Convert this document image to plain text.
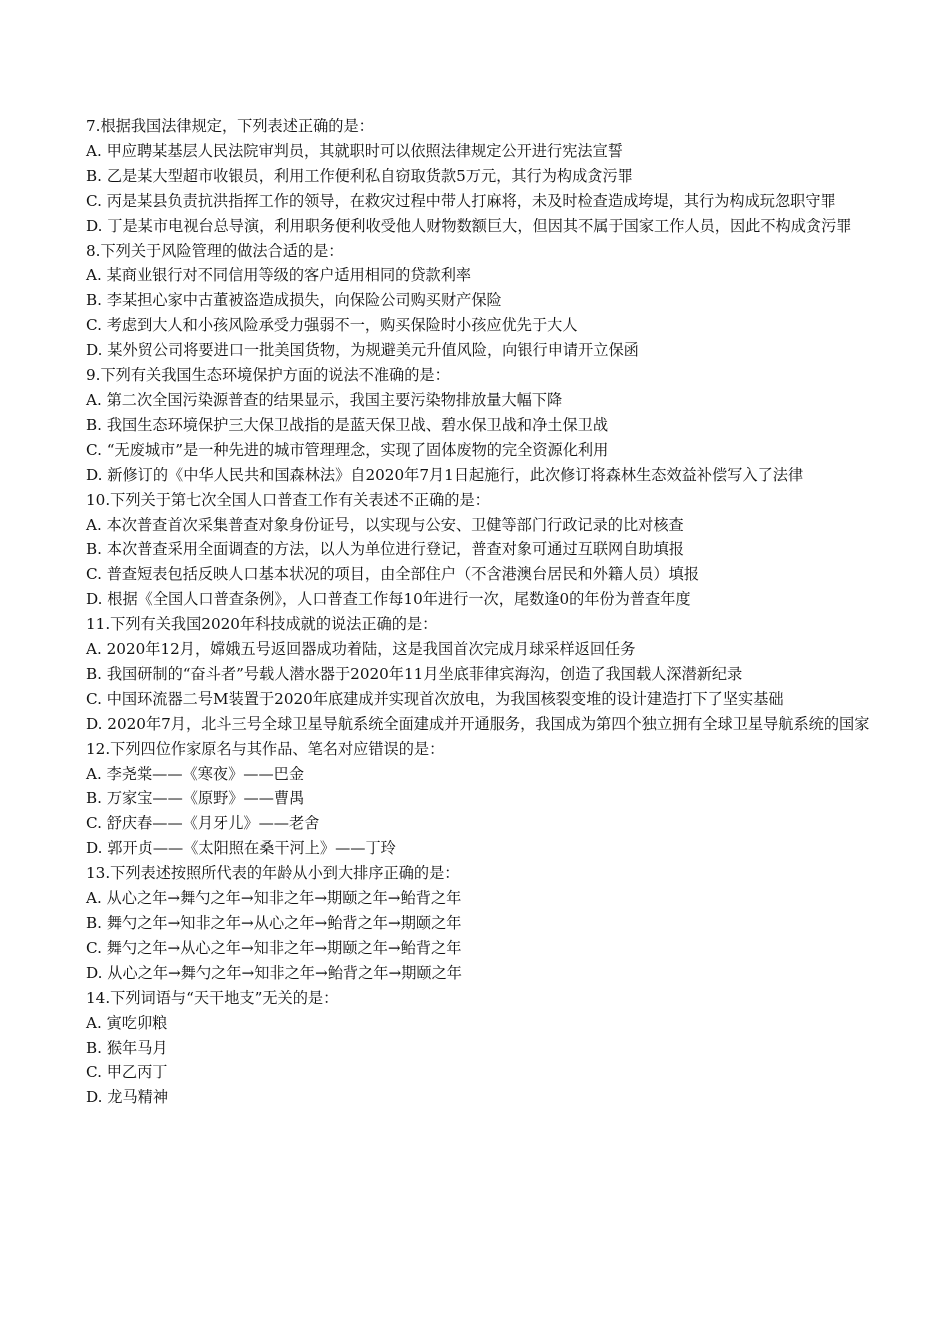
7.根据我国法律规定，下列表述正确的是：

A. 甲应聘某基层人民法院审判员，其就职时可以依照法律规定公开进行宪法宣誓

B. 乙是某大型超市收银员，利用工作便利私自窃取货款5万元，其行为构成贪污罪

C. 丙是某县负责抗洪指挥工作的领导，在救灾过程中带人打麻将，未及时检查造成垮堤，其行为构成玩忽职守罪

D. 丁是某市电视台总导演，利用职务便利收受他人财物数额巨大，但因其不属于国家工作人员，因此不构成贪污罪

8.下列关于风险管理的做法合适的是：

A. 某商业银行对不同信用等级的客户适用相同的贷款利率

B. 李某担心家中古董被盗造成损失，向保险公司购买财产保险

C. 考虑到大人和小孩风险承受力强弱不一，购买保险时小孩应优先于大人

D. 某外贸公司将要进口一批美国货物，为规避美元升值风险，向银行申请开立保函

9.下列有关我国生态环境保护方面的说法不准确的是：

A. 第二次全国污染源普查的结果显示，我国主要污染物排放量大幅下降

B. 我国生态环境保护三大保卫战指的是蓝天保卫战、碧水保卫战和净土保卫战

C. “无废城市”是一种先进的城市管理理念，实现了固体废物的完全资源化利用

D. 新修订的《中华人民共和国森林法》自2020年7月1日起施行，此次修订将森林生态效益补偿写入了法律

10.下列关于第七次全国人口普查工作有关表述不正确的是：

A. 本次普查首次采集普查对象身份证号，以实现与公安、卫健等部门行政记录的比对核查

B. 本次普查采用全面调查的方法，以人为单位进行登记，普查对象可通过互联网自助填报

C. 普查短表包括反映人口基本状况的项目，由全部住户（不含港澳台居民和外籍人员）填报

D. 根据《全国人口普查条例》，人口普查工作每10年进行一次，尾数逢0的年份为普查年度

11.下列有关我国2020年科技成就的说法正确的是：

A. 2020年12月，嫦娥五号返回器成功着陆，这是我国首次完成月球采样返回任务

B. 我国研制的“奋斗者”号载人潜水器于2020年11月坐底菲律宾海沟，创造了我国载人深潜新纪录

C. 中国环流器二号M装置于2020年底建成并实现首次放电，为我国核裂变堆的设计建造打下了坚实基础

D. 2020年7月，北斗三号全球卫星导航系统全面建成并开通服务，我国成为第四个独立拥有全球卫星导航系统的国家

12.下列四位作家原名与其作品、笔名对应错误的是：

A. 李尧棠——《寒夜》——巴金

B. 万家宝——《原野》——曹禺

C. 舒庆春——《月牙儿》——老舍

D. 郭开贞——《太阳照在桑干河上》——丁玲

13.下列表述按照所代表的年龄从小到大排序正确的是：

A. 从心之年→舞勺之年→知非之年→期颐之年→鲐背之年

B. 舞勺之年→知非之年→从心之年→鲐背之年→期颐之年

C. 舞勺之年→从心之年→知非之年→期颐之年→鲐背之年

D. 从心之年→舞勺之年→知非之年→鲐背之年→期颐之年

14.下列词语与“天干地支”无关的是：

A. 寅吃卯粮

B. 猴年马月

C. 甲乙丙丁

D. 龙马精神
